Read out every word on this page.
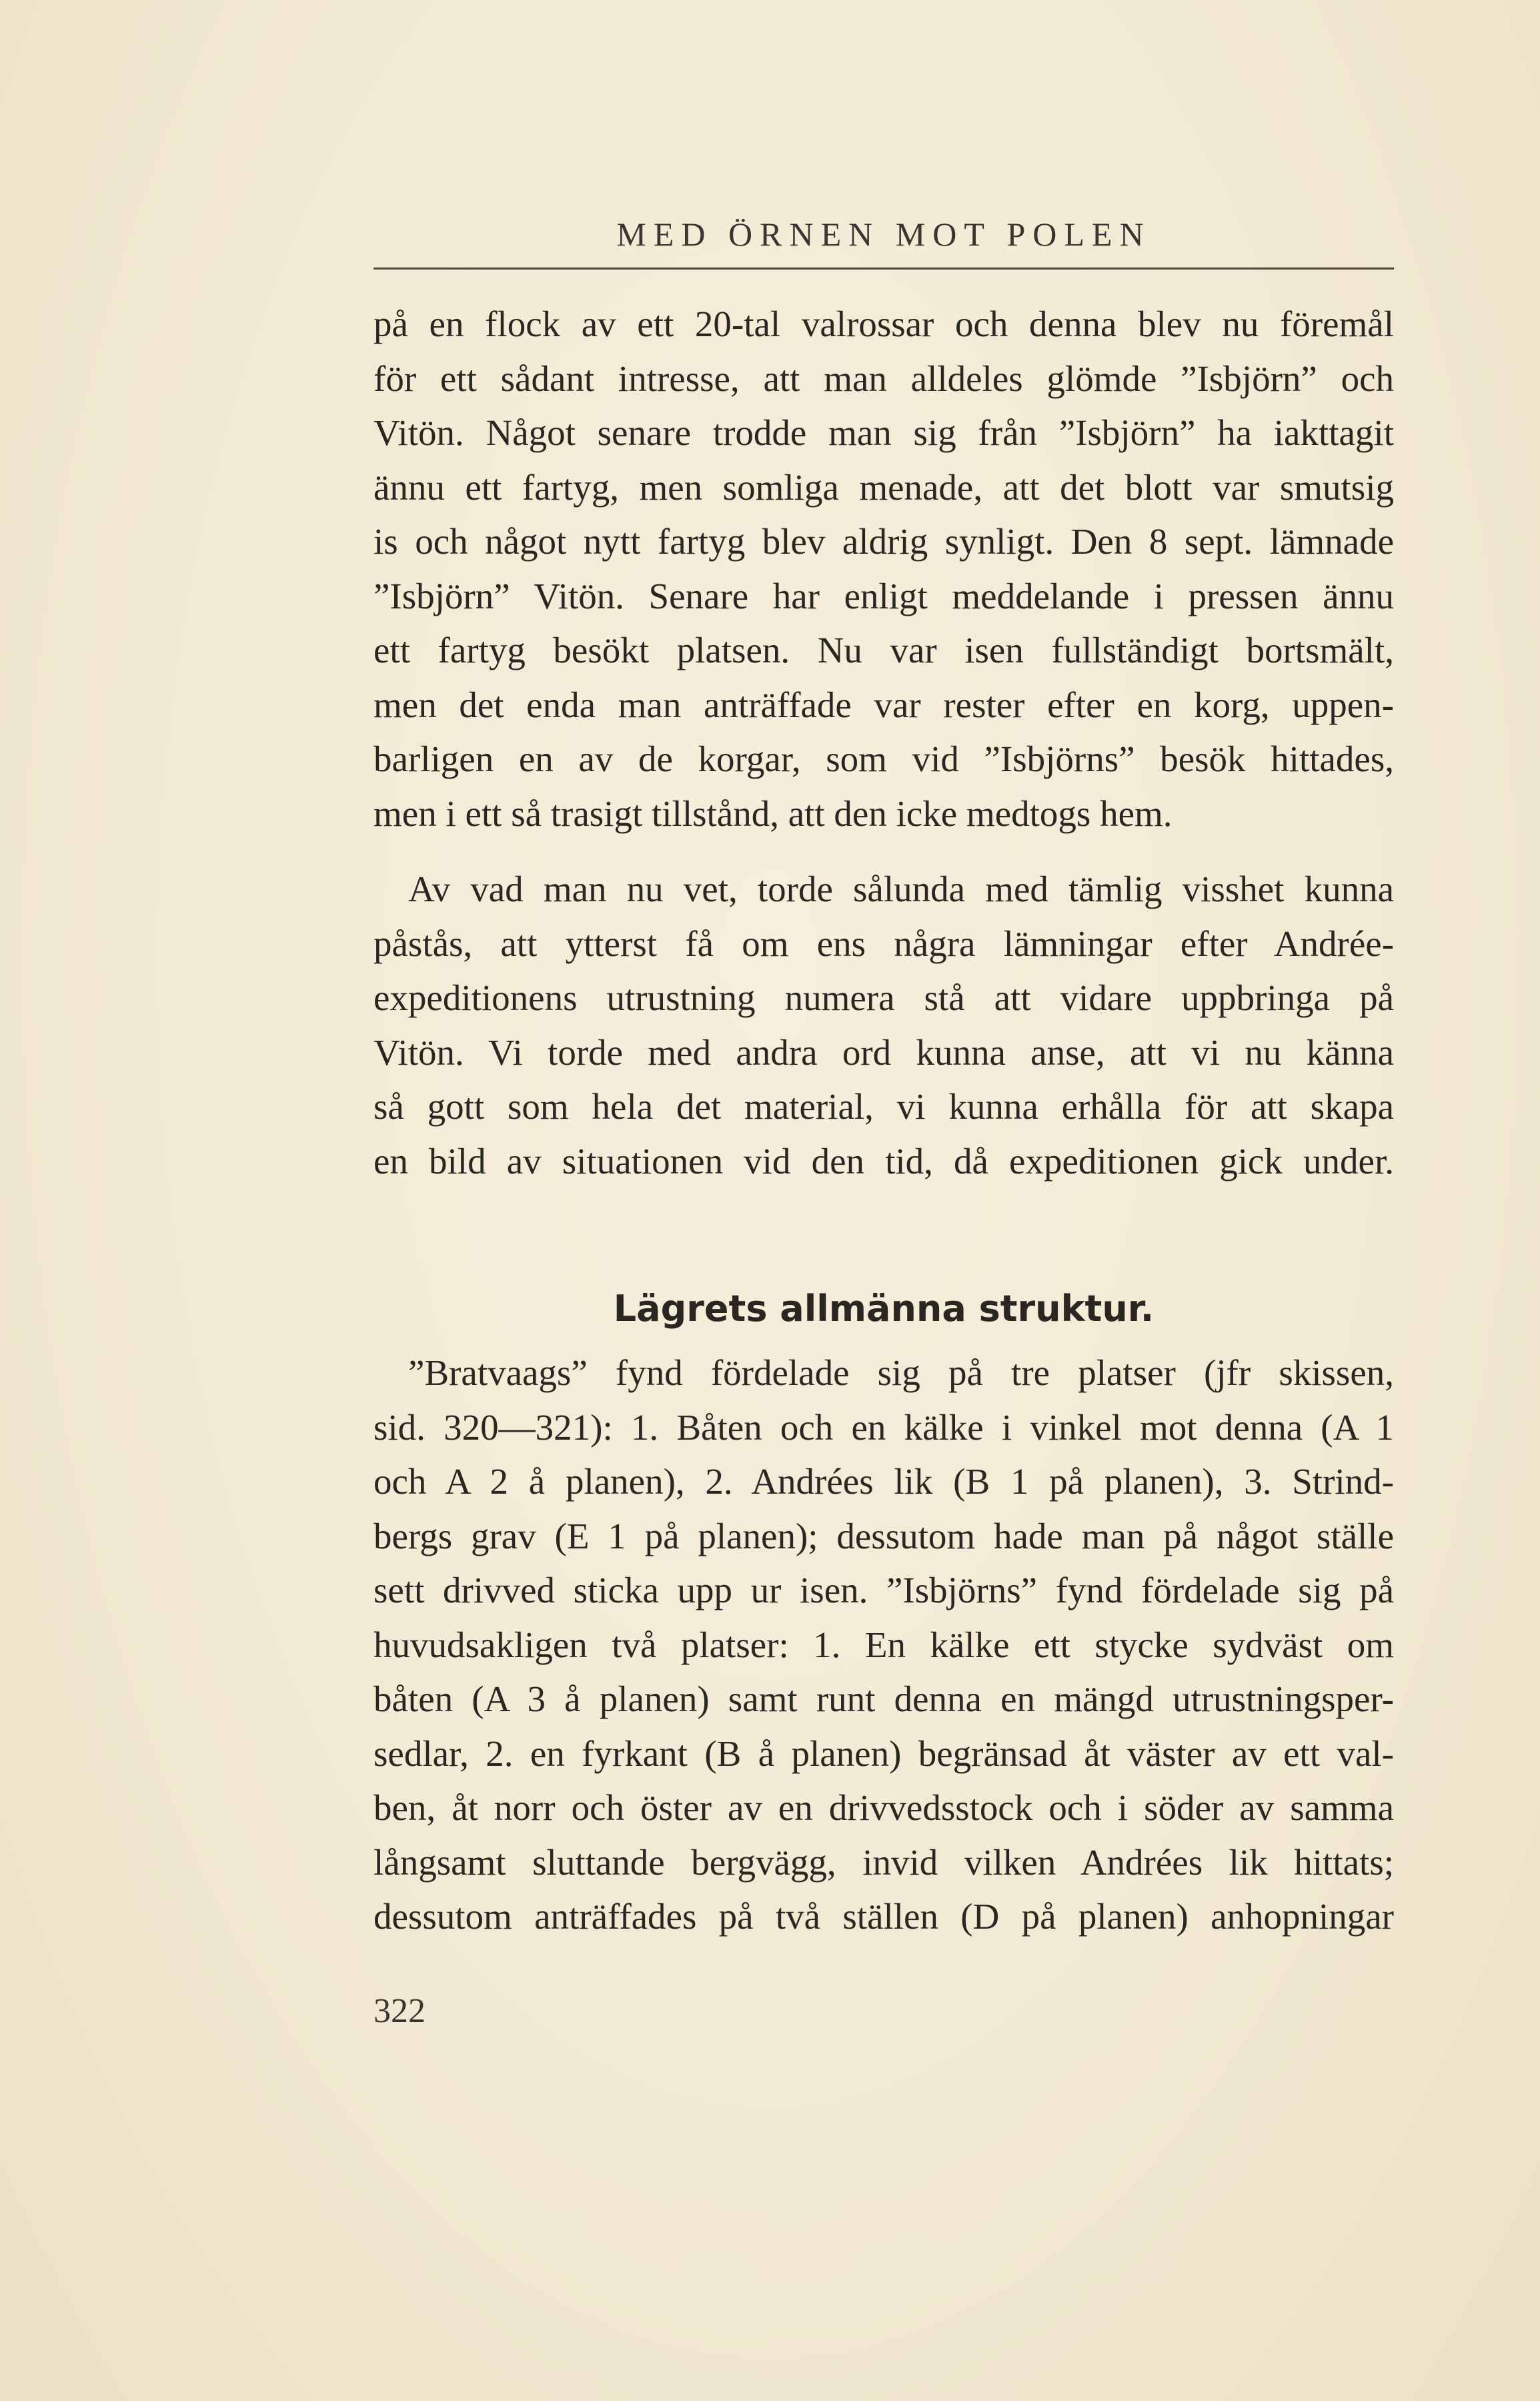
MED ÖRNEN MOT POLEN
på en flock av ett 20-tal valrossar och denna blev nu föremål
för ett sådant intresse, att man alldeles glömde ”Isbjörn” och
Vitön. Något senare trodde man sig från ”Isbjörn” ha iakttagit
ännu ett fartyg, men somliga menade, att det blott var smutsig
is och något nytt fartyg blev aldrig synligt. Den 8 sept. lämnade
”Isbjörn” Vitön. Senare har enligt meddelande i pressen ännu
ett fartyg besökt platsen. Nu var isen fullständigt bortsmält,
men det enda man anträffade var rester efter en korg, uppen-
barligen en av de korgar, som vid ”Isbjörns” besök hittades,
men i ett så trasigt tillstånd, att den icke medtogs hem.
Av vad man nu vet, torde sålunda med tämlig visshet kunna
påstås, att ytterst få om ens några lämningar efter Andrée-
expeditionens utrustning numera stå att vidare uppbringa på
Vitön. Vi torde med andra ord kunna anse, att vi nu känna
så gott som hela det material, vi kunna erhålla för att skapa
en bild av situationen vid den tid, då expeditionen gick under.
Lägrets allmänna struktur.
”Bratvaags” fynd fördelade sig på tre platser (jfr skissen,
sid. 320—321): 1. Båten och en kälke i vinkel mot denna (A 1
och A 2 å planen), 2. Andrées lik (B 1 på planen), 3. Strind-
bergs grav (E 1 på planen); dessutom hade man på något ställe
sett drivved sticka upp ur isen. ”Isbjörns” fynd fördelade sig på
huvudsakligen två platser: 1. En kälke ett stycke sydväst om
båten (A 3 å planen) samt runt denna en mängd utrustningsper-
sedlar, 2. en fyrkant (B å planen) begränsad åt väster av ett val-
ben, åt norr och öster av en drivvedsstock och i söder av samma
långsamt sluttande bergvägg, invid vilken Andrées lik hittats;
dessutom anträffades på två ställen (D på planen) anhopningar
322
